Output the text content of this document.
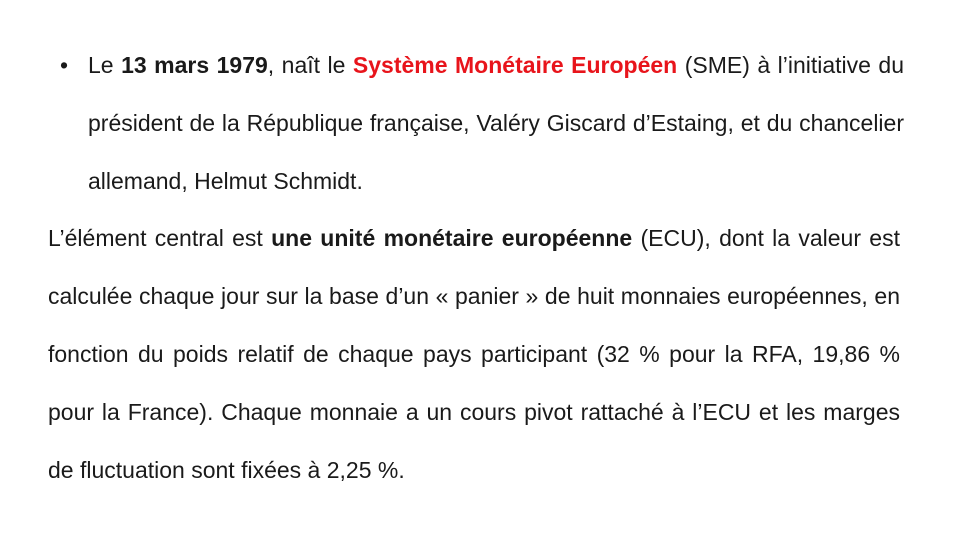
• Le 13 mars 1979, naît le Système Monétaire Européen (SME) à l’initiative du président de la République française, Valéry Giscard d’Estaing, et du chancelier allemand, Helmut Schmidt.
L’élément central est une unité monétaire européenne (ECU), dont la valeur est calculée chaque jour sur la base d’un « panier » de huit monnaies européennes, en fonction du poids relatif de chaque pays participant (32 % pour la RFA, 19,86 % pour la France). Chaque monnaie a un cours pivot rattaché à l’ECU et les marges de fluctuation sont fixées à 2,25 %.
